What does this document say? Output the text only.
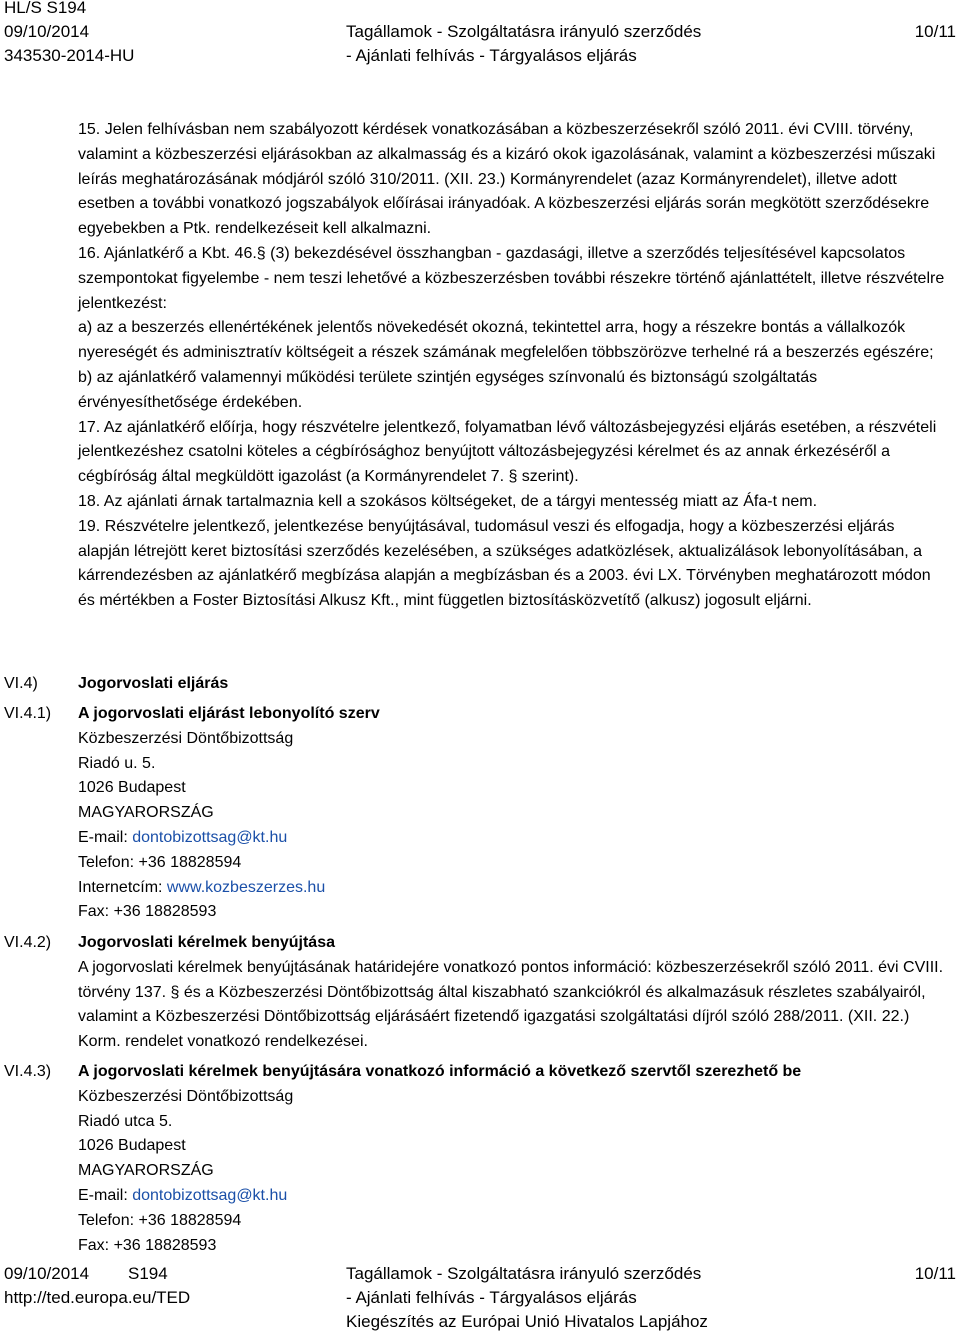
HL/S S194
09/10/2014
343530-2014-HU
Tagállamok - Szolgáltatásra irányuló szerződés
- Ajánlati felhívás - Tárgyalásos eljárás
10/11

15. Jelen felhívásban nem szabályozott kérdések vonatkozásában a közbeszerzésekről szóló 2011. évi CVIII. törvény, valamint a közbeszerzési eljárásokban az alkalmasság és a kizáró okok igazolásának, valamint a közbeszerzési műszaki leírás meghatározásának módjáról szóló 310/2011. (XII. 23.) Kormányrendelet (azaz Kormányrendelet), illetve adott esetben a további vonatkozó jogszabályok előírásai irányadóak. A közbeszerzési eljárás során megkötött szerződésekre egyebekben a Ptk. rendelkezéseit kell alkalmazni.

16. Ajánlatkérő a Kbt. 46.§ (3) bekezdésével összhangban - gazdasági, illetve a szerződés teljesítésével kapcsolatos szempontokat figyelembe - nem teszi lehetővé a közbeszerzésben további részekre történő ajánlattételt, illetve részvételre jelentkezést:

a) az a beszerzés ellenértékének jelentős növekedését okozná, tekintettel arra, hogy a részekre bontás a vállalkozók nyereségét és adminisztratív költségeit a részek számának megfelelően többszörözve terhelné rá a beszerzés egészére;

b) az ajánlatkérő valamennyi működési területe szintjén egységes színvonalú és biztonságú szolgáltatás érvényesíthetősége érdekében.

17. Az ajánlatkérő előírja, hogy részvételre jelentkező, folyamatban lévő változásbejegyzési eljárás esetében, a részvételi jelentkezéshez csatolni köteles a cégbírósághoz benyújtott változásbejegyzési kérelmet és az annak érkezéséről a cégbíróság által megküldött igazolást (a Kormányrendelet 7. § szerint).

18. Az ajánlati árnak tartalmaznia kell a szokásos költségeket, de a tárgyi mentesség miatt az Áfa-t nem.

19. Részvételre jelentkező, jelentkezése benyújtásával, tudomásul veszi és elfogadja, hogy a közbeszerzési eljárás alapján létrejött keret biztosítási szerződés kezelésében, a szükséges adatközlések, aktualizálások lebonyolításában, a kárrendezésben az ajánlatkérő megbízása alapján a megbízásban és a 2003. évi LX. Törvényben meghatározott módon és mértékben a Foster Biztosítási Alkusz Kft., mint független biztosításközvetítő (alkusz) jogosult eljárni.

VI.4)	Jogorvoslati eljárás

VI.4.1) A jogorvoslati eljárást lebonyolító szerv

Közbeszerzési Döntőbizottság

Riadó u. 5.

1026 Budapest

MAGYARORSZÁG

E-mail: dontobizottsag@kt.hu

Telefon: +36 18828594

Internetcím: www.kozbeszerzes.hu

Fax: +36 18828593

VI.4.2) Jogorvoslati kérelmek benyújtása

A jogorvoslati kérelmek benyújtásának határidejére vonatkozó pontos információ: közbeszerzésekről szóló 2011. évi CVIII. törvény 137. § és a Közbeszerzési Döntőbizottság által kiszabható szankciókról és alkalmazásuk részletes szabályairól, valamint a Közbeszerzési Döntőbizottság eljárásáért fizetendő igazgatási szolgáltatási díjról szóló 288/2011. (XII. 22.) Korm. rendelet vonatkozó rendelkezései.

VI.4.3) A jogorvoslati kérelmek benyújtására vonatkozó információ a következő szervtől szerezhető be

Közbeszerzési Döntőbizottság

Riadó utca 5.

1026 Budapest

MAGYARORSZÁG

E-mail: dontobizottsag@kt.hu

Telefon: +36 18828594

Fax: +36 18828593

09/10/2014 S194
http://ted.europa.eu/TED
Tagállamok - Szolgáltatásra irányuló szerződés
- Ajánlati felhívás - Tárgyalásos eljárás
Kiegészítés az Európai Unió Hivatalos Lapjához
10/11
